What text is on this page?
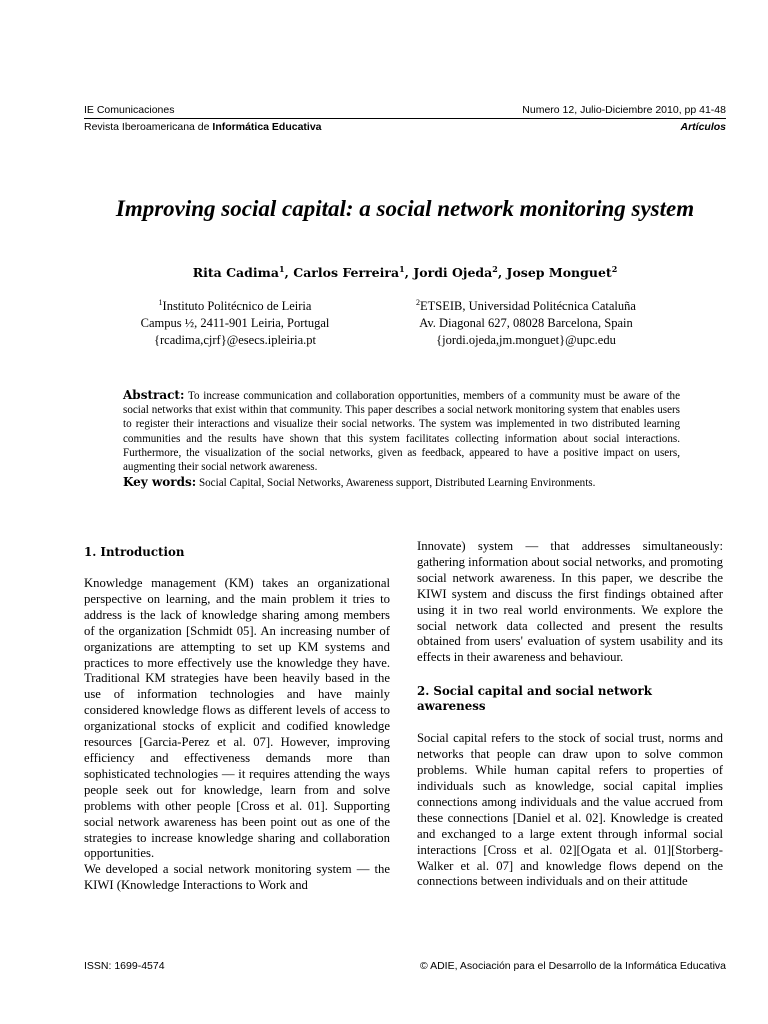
IE Comunicaciones	Numero 12, Julio-Diciembre 2010, pp 41-48
Revista Iberoamericana de Informática Educativa	Artículos
Improving social capital: a social network monitoring system
Rita Cadima$^1$, Carlos Ferreira$^1$, Jordi Ojeda$^2$, Josep Monguet$^2$
$^1$Instituto Politécnico de Leiria
Campus ½, 2411-901 Leiria, Portugal
{rcadima,cjrf}@esecs.ipleiria.pt
$^2$ETSEIB, Universidad Politécnica Cataluña
Av. Diagonal 627, 08028 Barcelona, Spain
{jordi.ojeda,jm.monguet}@upc.edu
Abstract: To increase communication and collaboration opportunities, members of a community must be aware of the social networks that exist within that community. This paper describes a social network monitoring system that enables users to register their interactions and visualize their social networks. The system was implemented in two distributed learning communities and the results have shown that this system facilitates collecting information about social interactions. Furthermore, the visualization of the social networks, given as feedback, appeared to have a positive impact on users, augmenting their social network awareness.
Key words: Social Capital, Social Networks, Awareness support, Distributed Learning Environments.
1. Introduction

Knowledge management (KM) takes an organizational perspective on learning, and the main problem it tries to address is the lack of knowledge sharing among members of the organization [Schmidt 05]. An increasing number of organizations are attempting to set up KM systems and practices to more effectively use the knowledge they have. Traditional KM strategies have been heavily based in the use of information technologies and have mainly considered knowledge flows as different levels of access to organizational stocks of explicit and codified knowledge resources [Garcia-Perez et al. 07]. However, improving efficiency and effectiveness demands more than sophisticated technologies — it requires attending the ways people seek out for knowledge, learn from and solve problems with other people [Cross et al. 01]. Supporting social network awareness has been point out as one of the strategies to increase knowledge sharing and collaboration opportunities.

We developed a social network monitoring system — the KIWI (Knowledge Interactions to Work and

Innovate) system — that addresses simultaneously: gathering information about social networks, and promoting social network awareness. In this paper, we describe the KIWI system and discuss the first findings obtained after using it in two real world environments. We explore the social network data collected and present the results obtained from users' evaluation of system usability and its effects in their awareness and behaviour.

2. Social capital and social network awareness

Social capital refers to the stock of social trust, norms and networks that people can draw upon to solve common problems. While human capital refers to properties of individuals such as knowledge, social capital implies connections among individuals and the value accrued from these connections [Daniel et al. 02]. Knowledge is created and exchanged to a large extent through informal social interactions [Cross et al. 02][Ogata et al. 01][Storberg-Walker et al. 07] and knowledge flows depend on the connections between individuals and on their attitude

ISSN: 1699-4574	© ADIE, Asociación para el Desarrollo de la Informática Educativa
